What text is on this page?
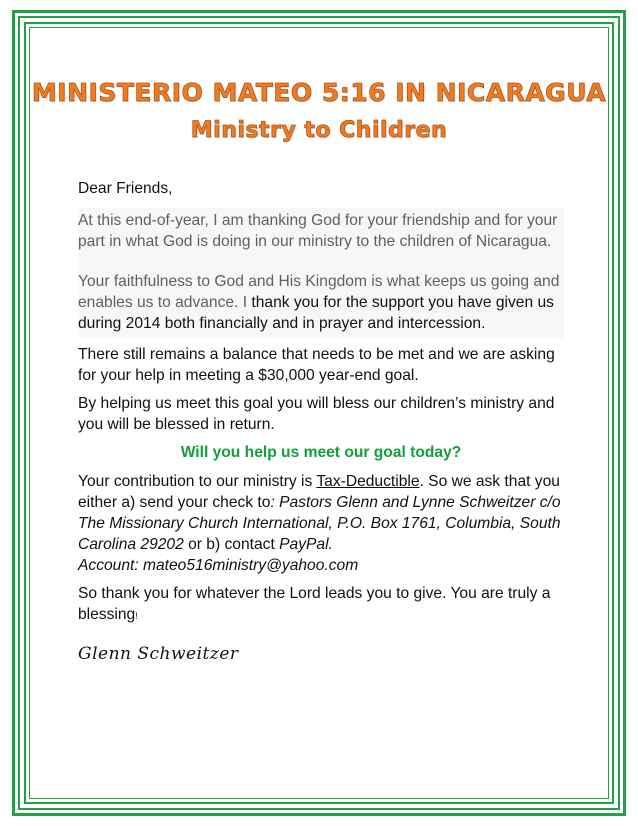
MINISTERIO MATEO 5:16 IN NICARAGUA
Ministry to Children

Dear Friends,

At this end-of-year, I am thanking God for your friendship and for your part in what God is doing in our ministry to the children of Nicaragua.

Your faithfulness to God and His Kingdom is what keeps us going and enables us to advance. I thank you for the support you have given us during 2014 both financially and in prayer and intercession.

There still remains a balance that needs to be met and we are asking for your help in meeting a $30,000 year-end goal.

By helping us meet this goal you will bless our children’s ministry and you will be blessed in return.

Will you help us meet our goal today?

Your contribution to our ministry is Tax-Deductible. So we ask that you either a) send your check to: Pastors Glenn and Lynne Schweitzer c/o The Missionary Church International, P.O. Box 1761, Columbia, South Carolina 29202 or b) contact PayPal.
Account: mateo516ministry@yahoo.com

So thank you for whatever the Lord leads you to give. You are truly a blessing!

Glenn Schweitzer
